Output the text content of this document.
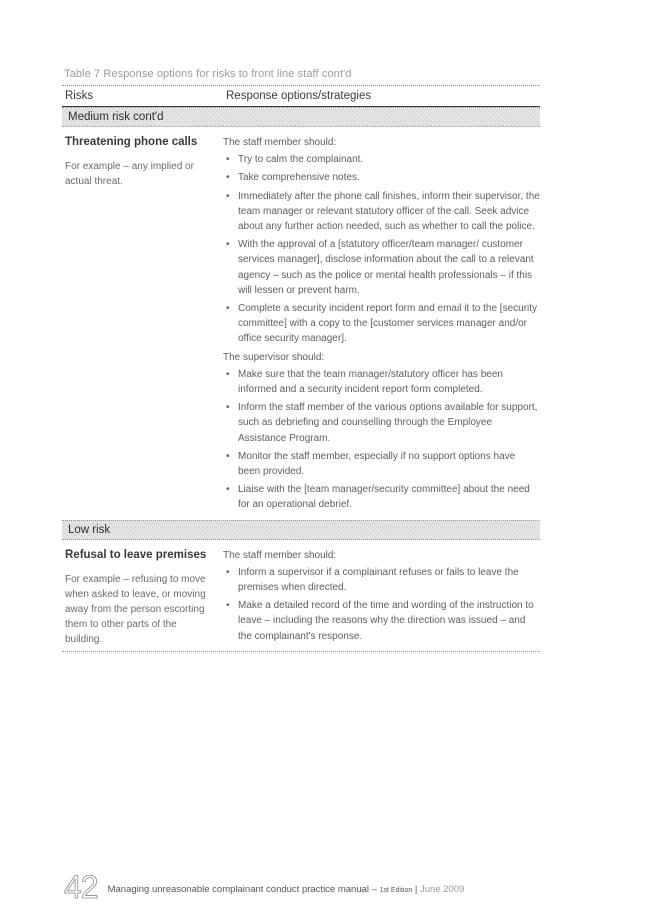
Table 7 Response options for risks to front line staff cont'd
Risks	Response options/strategies
Medium risk cont'd
Threatening phone calls
For example – any implied or actual threat.

The staff member should:

• Try to calm the complainant.
• Take comprehensive notes.
• Immediately after the phone call finishes, inform their supervisor, the team manager or relevant statutory officer of the call. Seek advice about any further action needed, such as whether to call the police.
• With the approval of a [statutory officer/team manager/ customer services manager], disclose information about the call to a relevant agency – such as the police or mental health professionals – if this will lessen or prevent harm.
• Complete a security incident report form and email it to the [security committee] with a copy to the [customer services manager and/or office security manager].

The supervisor should:

• Make sure that the team manager/statutory officer has been informed and a security incident report form completed.
• Inform the staff member of the various options available for support, such as debriefing and counselling through the Employee Assistance Program.
• Monitor the staff member, especially if no support options have been provided.
• Liaise with the [team manager/security committee] about the need for an operational debrief.
Low risk
Refusal to leave premises
For example – refusing to move when asked to leave, or moving away from the person escorting them to other parts of the building.

The staff member should:

• Inform a supervisor if a complainant refuses or fails to leave the premises when directed.
• Make a detailed record of the time and wording of the instruction to leave – including the reasons why the direction was issued – and the complainant's response.
42 Managing unreasonable complainant conduct practice manual – 1st Edition | June 2009
